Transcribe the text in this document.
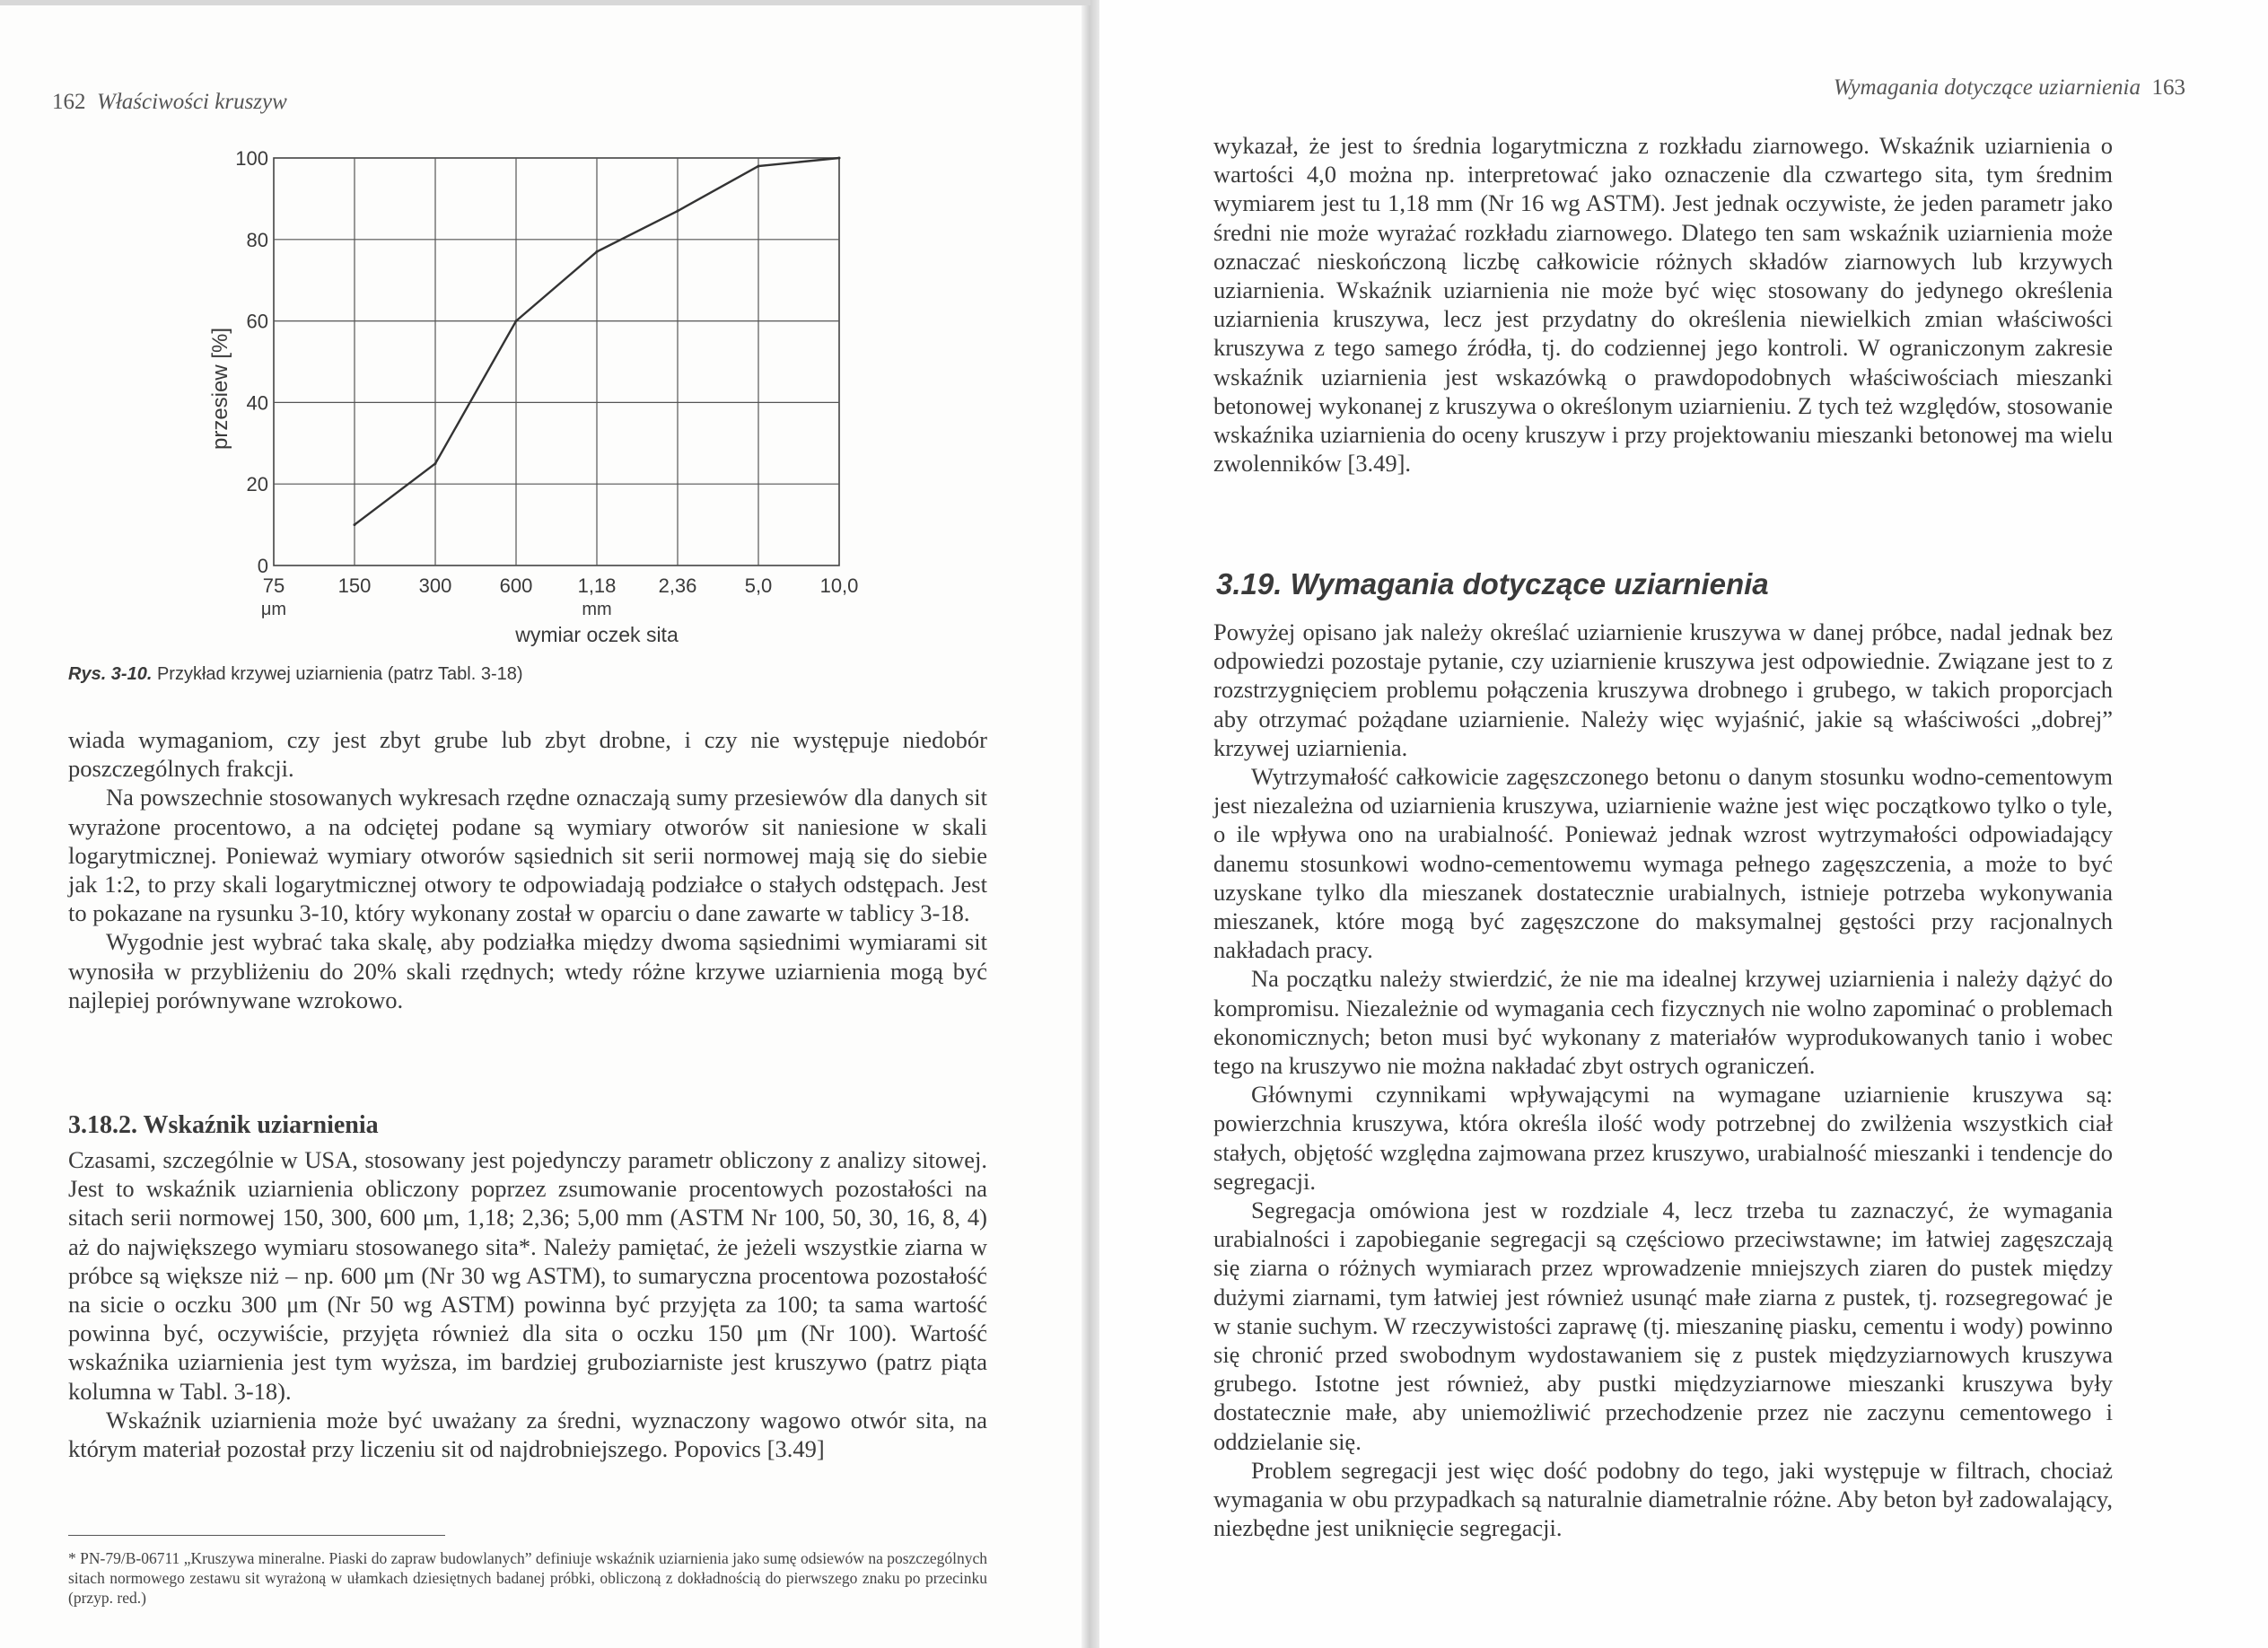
162 Właściwości kruszyw
0
20
40
60
80
100
75	150 300 600 1,18 2,36 5,0 10,0
μm	mm
wymiar oczek sita
przesiew [%]
Rys. 3-10. Przykład krzywej uziarnienia (patrz Tabl. 3-18)

wiada wymaganiom, czy jest zbyt grube lub zbyt drobne, i czy nie występuje niedobór poszczególnych frakcji.

Na powszechnie stosowanych wykresach rzędne oznaczają sumy przesiewów dla danych sit wyrażone procentowo, a na odciętej podane są wymiary otworów sit naniesione w skali logarytmicznej. Ponieważ wymiary otworów sąsiednich sit serii normowej mają się do siebie jak 1:2, to przy skali logarytmicznej otwory te odpowiadają podziałce o stałych odstępach. Jest to pokazane na rysunku 3-10, który wykonany został w oparciu o dane zawarte w tablicy 3-18.

Wygodnie jest wybrać taka skalę, aby podziałka między dwoma sąsiednimi wymiarami sit wynosiła w przybliżeniu do 20% skali rzędnych; wtedy różne krzywe uziarnienia mogą być najlepiej porównywane wzrokowo.

3.18.2. Wskaźnik uziarnienia

Czasami, szczególnie w USA, stosowany jest pojedynczy parametr obliczony z analizy sitowej. Jest to wskaźnik uziarnienia obliczony poprzez zsumowanie procentowych pozostałości na sitach serii normowej 150, 300, 600 μm, 1,18; 2,36; 5,00 mm (ASTM Nr 100, 50, 30, 16, 8, 4) aż do największego wymiaru stosowanego sita*. Należy pamiętać, że jeżeli wszystkie ziarna w próbce są większe niż – np. 600 μm (Nr 30 wg ASTM), to sumaryczna procentowa pozostałość na sicie o oczku 300 μm (Nr 50 wg ASTM) powinna być przyjęta za 100; ta sama wartość powinna być, oczywiście, przyjęta również dla sita o oczku 150 μm (Nr 100). Wartość wskaźnika uziarnienia jest tym wyższa, im bardziej gruboziarniste jest kruszywo (patrz piąta kolumna w Tabl. 3-18).

Wskaźnik uziarnienia może być uważany za średni, wyznaczony wagowo otwór sita, na którym materiał pozostał przy liczeniu sit od najdrobniejszego. Popovics [3.49]

* PN-79/B-06711 „Kruszywa mineralne. Piaski do zapraw budowlanych” definiuje wskaźnik uziarnienia jako sumę odsiewów na poszczególnych sitach normowego zestawu sit wyrażoną w ułamkach dziesiętnych badanej próbki, obliczoną z dokładnością do pierwszego znaku po przecinku (przyp. red.)

Wymagania dotyczące uziarnienia 163

wykazał, że jest to średnia logarytmiczna z rozkładu ziarnowego. Wskaźnik uziarnienia o wartości 4,0 można np. interpretować jako oznaczenie dla czwartego sita, tym średnim wymiarem jest tu 1,18 mm (Nr 16 wg ASTM). Jest jednak oczywiste, że jeden parametr jako średni nie może wyrażać rozkładu ziarnowego. Dlatego ten sam wskaźnik uziarnienia może oznaczać nieskończoną liczbę całkowicie różnych składów ziarnowych lub krzywych uziarnienia. Wskaźnik uziarnienia nie może być więc stosowany do jedynego określenia uziarnienia kruszywa, lecz jest przydatny do określenia niewielkich zmian właściwości kruszywa z tego samego źródła, tj. do codziennej jego kontroli. W ograniczonym zakresie wskaźnik uziarnienia jest wskazówką o prawdopodobnych właściwościach mieszanki betonowej wykonanej z kruszywa o określonym uziarnieniu. Z tych też względów, stosowanie wskaźnika uziarnienia do oceny kruszyw i przy projektowaniu mieszanki betonowej ma wielu zwolenników [3.49].

3.19. Wymagania dotyczące uziarnienia

Powyżej opisano jak należy określać uziarnienie kruszywa w danej próbce, nadal jednak bez odpowiedzi pozostaje pytanie, czy uziarnienie kruszywa jest odpowiednie. Związane jest to z rozstrzygnięciem problemu połączenia kruszywa drobnego i grubego, w takich proporcjach aby otrzymać pożądane uziarnienie. Należy więc wyjaśnić, jakie są właściwości „dobrej” krzywej uziarnienia.

Wytrzymałość całkowicie zagęszczonego betonu o danym stosunku wodno-cementowym jest niezależna od uziarnienia kruszywa, uziarnienie ważne jest więc początkowo tylko o tyle, o ile wpływa ono na urabialność. Ponieważ jednak wzrost wytrzymałości odpowiadający danemu stosunkowi wodno-cementowemu wymaga pełnego zagęszczenia, a może to być uzyskane tylko dla mieszanek dostatecznie urabialnych, istnieje potrzeba wykonywania mieszanek, które mogą być zagęszczone do maksymalnej gęstości przy racjonalnych nakładach pracy.

Na początku należy stwierdzić, że nie ma idealnej krzywej uziarnienia i należy dążyć do kompromisu. Niezależnie od wymagania cech fizycznych nie wolno zapominać o problemach ekonomicznych; beton musi być wykonany z materiałów wyprodukowanych tanio i wobec tego na kruszywo nie można nakładać zbyt ostrych ograniczeń.

Głównymi czynnikami wpływającymi na wymagane uziarnienie kruszywa są: powierzchnia kruszywa, która określa ilość wody potrzebnej do zwilżenia wszystkich ciał stałych, objętość względna zajmowana przez kruszywo, urabialność mieszanki i tendencje do segregacji.

Segregacja omówiona jest w rozdziale 4, lecz trzeba tu zaznaczyć, że wymagania urabialności i zapobieganie segregacji są częściowo przeciwstawne; im łatwiej zagęszczają się ziarna o różnych wymiarach przez wprowadzenie mniejszych ziaren do pustek między dużymi ziarnami, tym łatwiej jest również usunąć małe ziarna z pustek, tj. rozsegregować je w stanie suchym. W rzeczywistości zaprawę (tj. mieszaninę piasku, cementu i wody) powinno się chronić przed swobodnym wydostawaniem się z pustek międzyziarnowych kruszywa grubego. Istotne jest również, aby pustki międzyziarnowe mieszanki kruszywa były dostatecznie małe, aby uniemożliwić przechodzenie przez nie zaczynu cementowego i oddzielanie się.

Problem segregacji jest więc dość podobny do tego, jaki występuje w filtrach, chociaż wymagania w obu przypadkach są naturalnie diametralnie różne. Aby beton był zadowalający, niezbędne jest uniknięcie segregacji.
